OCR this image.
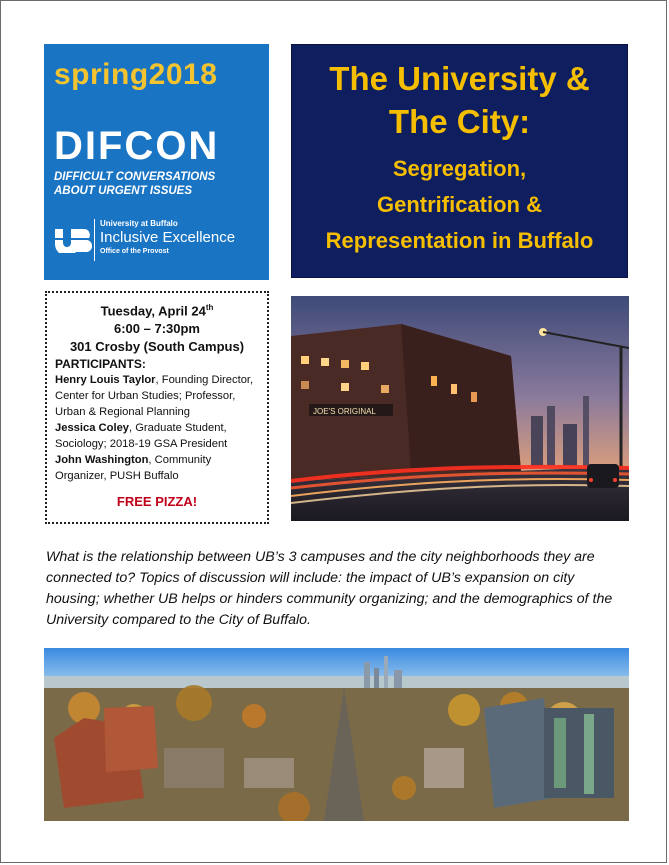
spring2018
DIFCON
DIFFICULT CONVERSATIONS
ABOUT URGENT ISSUES
University at Buffalo
Inclusive Excellence
Office of the Provost
The University &
The City:
Segregation,
Gentrification &
Representation in Buffalo
Tuesday, April 24th
6:00 – 7:30pm
301 Crosby (South Campus)
PARTICIPANTS:
Henry Louis Taylor, Founding Director, Center for Urban Studies; Professor, Urban & Regional Planning
Jessica Coley, Graduate Student, Sociology; 2018-19 GSA President
John Washington, Community Organizer, PUSH Buffalo
FREE PIZZA!
JOE'S ORIGINAL
What is the relationship between UB’s 3 campuses and the city neighborhoods they are connected to? Topics of discussion will include: the impact of UB’s expansion on city housing; whether UB helps or hinders community organizing; and the demographics of the University compared to the City of Buffalo.
